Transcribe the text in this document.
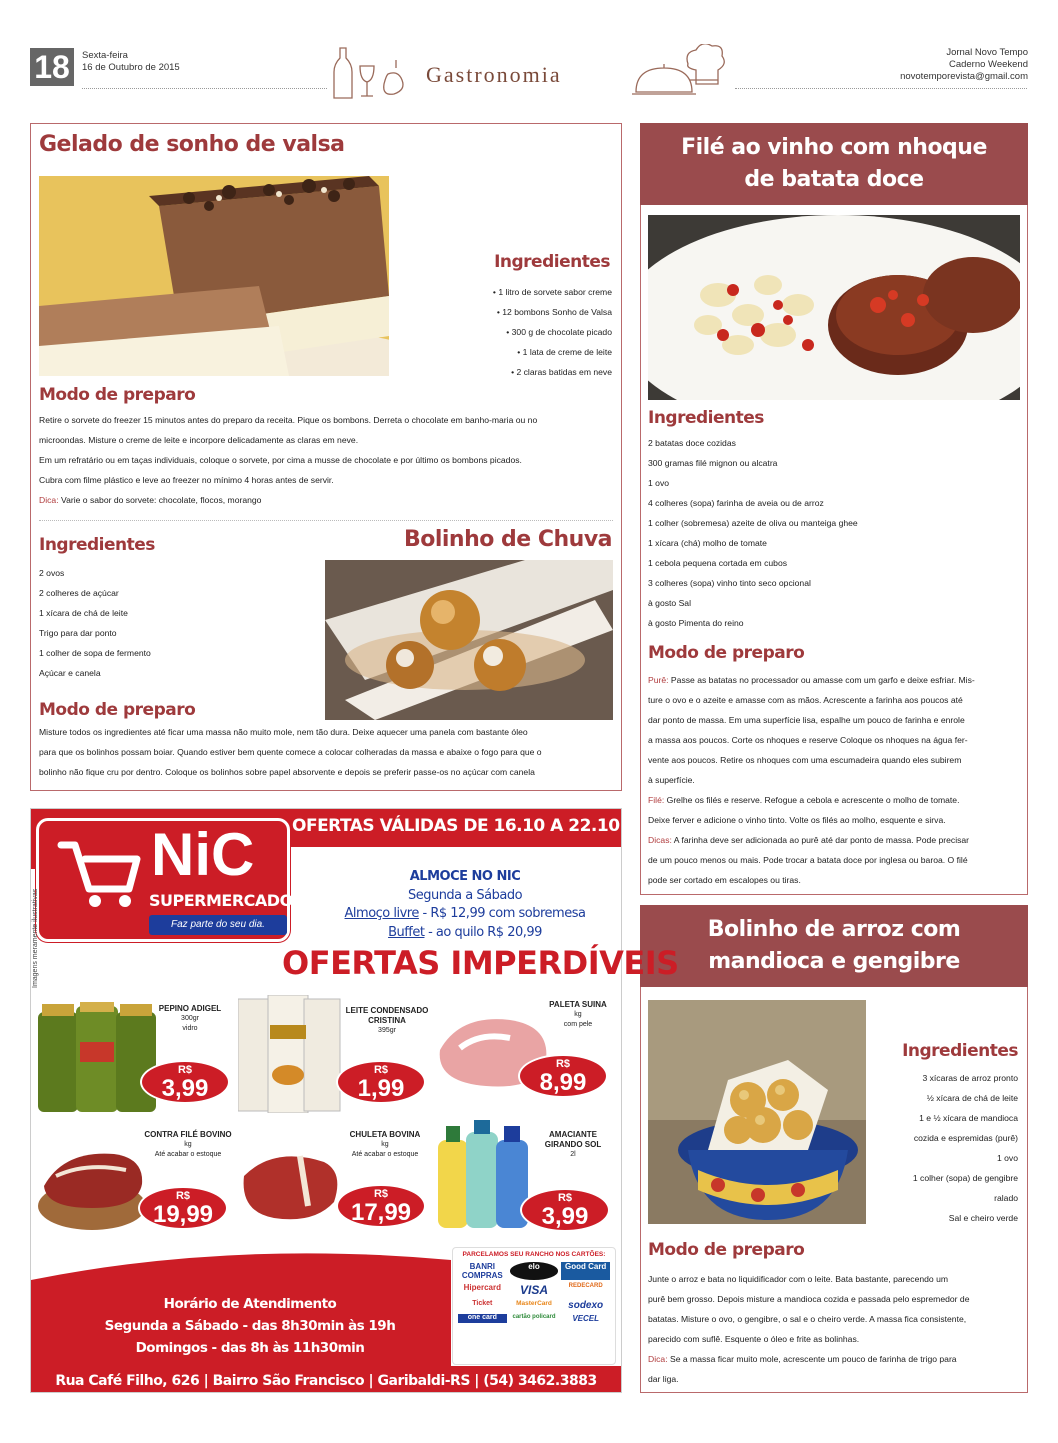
18	Sexta-feira
16 de Outubro de 2015	Gastronomia
Jornal Novo Tempo
Caderno Weekend
novotemporevista@gmail.com
Gelado de sonho de valsa
Ingredientes
• 1 litro de sorvete sabor creme
• 12 bombons Sonho de Valsa
• 300 g de chocolate picado
• 1 lata de creme de leite
• 2 claras batidas em neve
Modo de preparo
Retire o sorvete do freezer 15 minutos antes do preparo da receita. Pique os bombons. Derreta o chocolate em banho-maria ou no
microondas. Misture o creme de leite e incorpore delicadamente as claras em neve.
Em um refratário ou em taças individuais, coloque o sorvete, por cima a musse de chocolate e por último os bombons picados.
Cubra com filme plástico e leve ao freezer no mínimo 4 horas antes de servir.
Dica: Varie o sabor do sorvete: chocolate, flocos, morango
Ingredientes	Bolinho de Chuva
2 ovos
2 colheres de açúcar
1 xícara de chá de leite
Trigo para dar ponto
1 colher de sopa de fermento
Açúcar e canela
Modo de preparo
Misture todos os ingredientes até ficar uma massa não muito mole, nem tão dura. Deixe aquecer uma panela com bastante óleo
para que os bolinhos possam boiar. Quando estiver bem quente comece a colocar colheradas da massa e abaixe o fogo para que o
bolinho não fique cru por dentro. Coloque os bolinhos sobre papel absorvente e depois se preferir passe-os no açúcar com canela
Filé ao vinho com nhoque
de batata doce
Ingredientes
2 batatas doce cozidas
300 gramas filé mignon ou alcatra
1 ovo
4 colheres (sopa) farinha de aveia ou de arroz
1 colher (sobremesa) azeite de oliva ou manteiga ghee
1 xícara (chá) molho de tomate
1 cebola pequena cortada em cubos
3 colheres (sopa) vinho tinto seco opcional
à gosto Sal
à gosto Pimenta do reino
Modo de preparo
Purê: Passe as batatas no processador ou amasse com um garfo e deixe esfriar. Mis-
ture o ovo e o azeite e amasse com as mãos. Acrescente a farinha aos poucos até
dar ponto de massa. Em uma superfície lisa, espalhe um pouco de farinha e enrole
a massa aos poucos. Corte os nhoques e reserve Coloque os nhoques na água fer-
vente aos poucos. Retire os nhoques com uma escumadeira quando eles subirem
à superfície.
Filé: Grelhe os filés e reserve. Refogue a cebola e acrescente o molho de tomate.
Deixe ferver e adicione o vinho tinto. Volte os filés ao molho, esquente e sirva.
Dicas: A farinha deve ser adicionada ao purê até dar ponto de massa. Pode precisar
de um pouco menos ou mais. Pode trocar a batata doce por inglesa ou baroa. O filé
pode ser cortado em escalopes ou tiras.
Bolinho de arroz com
mandioca e gengibre
Ingredientes
3 xícaras de arroz pronto
½ xícara de chá de leite
1 e ½ xícara de mandioca
cozida e espremidas (purê)
1 ovo
1 colher (sopa) de gengibre
ralado
Sal e cheiro verde
Modo de preparo
Junte o arroz e bata no liquidificador com o leite. Bata bastante, parecendo um
purê bem grosso. Depois misture a mandioca cozida e passada pelo espremedor de
batatas. Misture o ovo, o gengibre, o sal e o cheiro verde. A massa fica consistente,
parecido com suflê. Esquente o óleo e frite as bolinhas.
Dica: Se a massa ficar muito mole, acrescente um pouco de farinha de trigo para
dar liga.
OFERTAS VÁLIDAS DE 16.10 A 22.10
NiC
SUPERMERCADO
Faz parte do seu dia.
Imagens meramente ilustrativas
ALMOCE NO NIC
Segunda a Sábado
Almoço livre - R$ 12,99 com sobremesa
Buffet - ao quilo R$ 20,99
OFERTAS IMPERDÍVEIS
PEPINO ADIGEL
300gr
vidro
LEITE CONDENSADO CRISTINA
395gr
PALETA SUINA
kg
com pele
CONTRA FILÉ BOVINO
kg
Até acabar o estoque
CHULETA BOVINA
kg
Até acabar o estoque
AMACIANTE GIRANDO SOL
2l
R$
3,99
R$
1,99
R$
8,99
R$
19,99
R$
17,99
R$
3,99
PARCELAMOS SEU RANCHO NOS CARTÕES:
BANRI COMPRAS
elo	Good Card
Hipercard	VISA	REDECARD
Ticket	MasterCard	sodexo
one card	cartão policard	VECEL
Horário de Atendimento
Segunda a Sábado - das 8h30min às 19h
Domingos - das 8h às 11h30min
Rua Café Filho, 626 | Bairro São Francisco | Garibaldi-RS | (54) 3462.3883
